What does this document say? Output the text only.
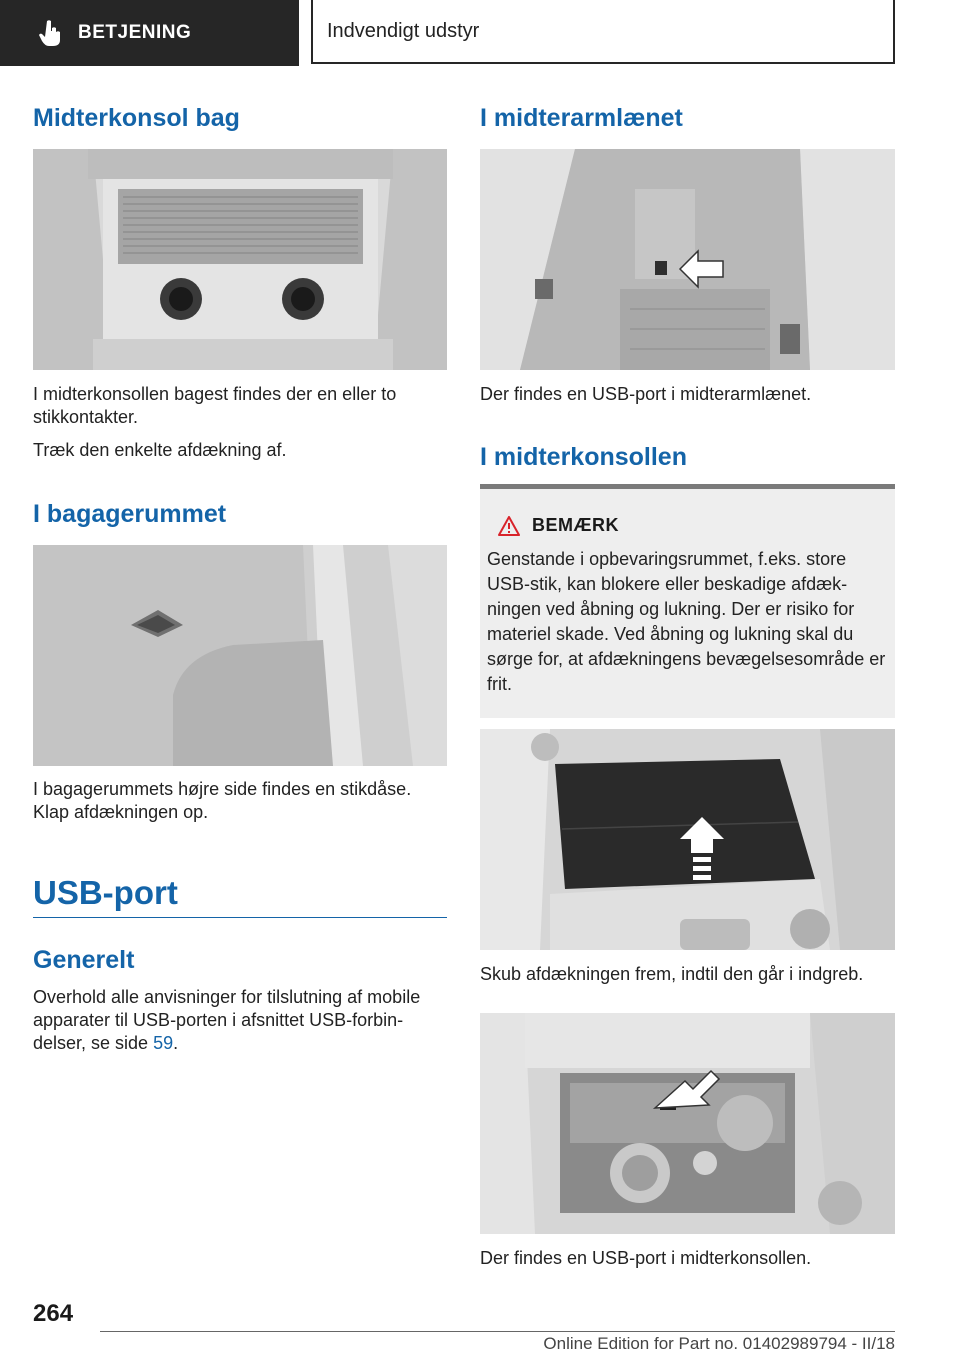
BETJENING	Indvendigt udstyr
Midterkonsol bag

I midterkonsollen bagest findes der en eller to stikkontakter.

Træk den enkelte afdækning af.

I bagagerummet

I bagagerummets højre side findes en stikdåse. Klap afdækningen op.

USB-port
Generelt

Overhold alle anvisninger for tilslutning af mobile apparater til USB-porten i afsnittet USB-forbin-delser, se side 59.

I midterarmlænet

Der findes en USB-port i midterarmlænet.

I midterkonsollen
BEMÆRK

Genstande i opbevaringsrummet, f.eks. store USB-stik, kan blokere eller beskadige afdæk-ningen ved åbning og lukning. Der er risiko for materiel skade. Ved åbning og lukning skal du sørge for, at afdækningens bevægelsesområde er frit.

Skub afdækningen frem, indtil den går i indgreb.

Der findes en USB-port i midterkonsollen.

264
Online Edition for Part no. 01402989794 - II/18
